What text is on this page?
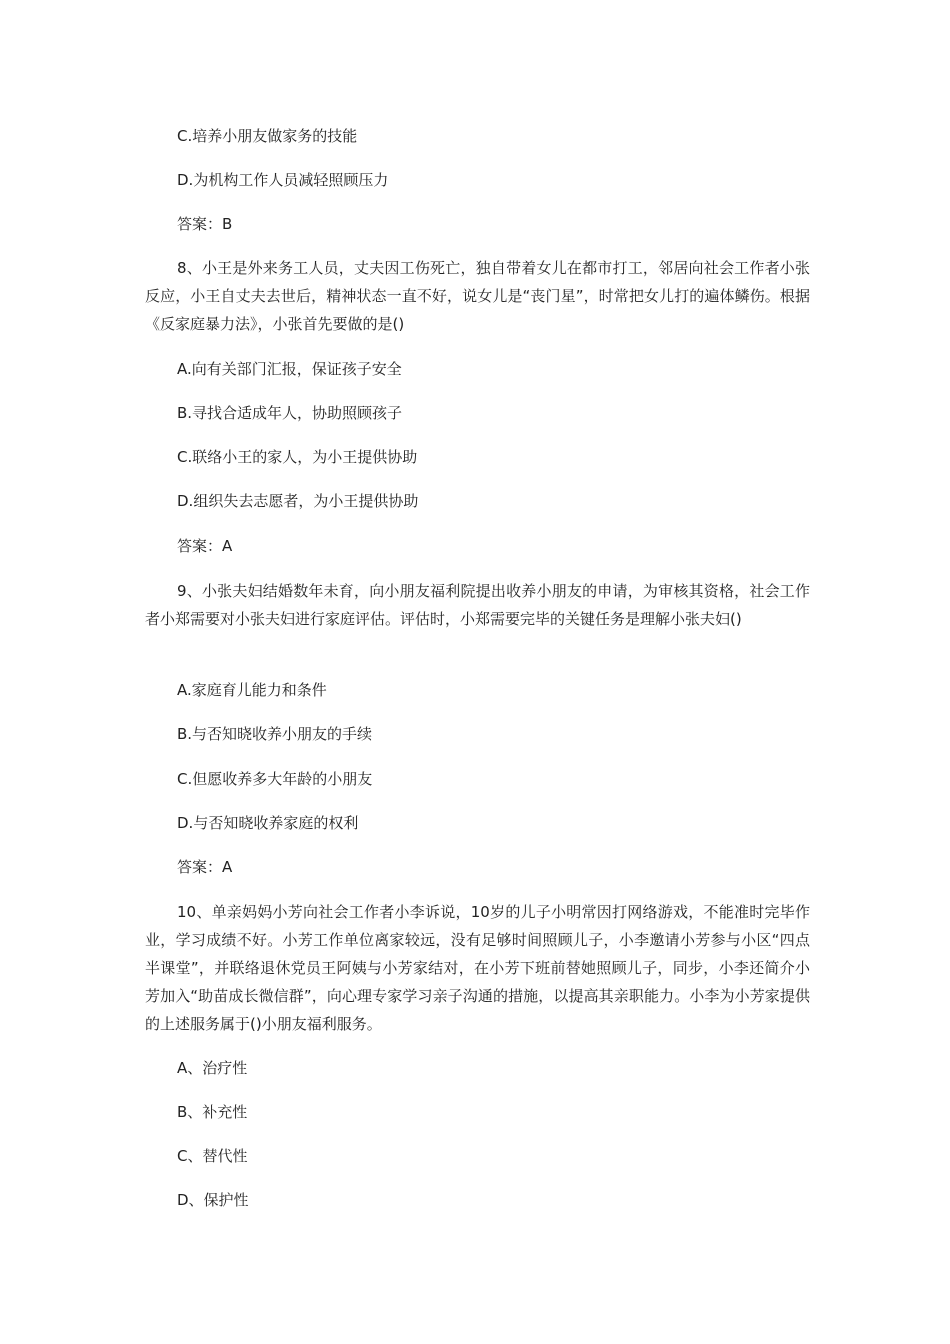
C.培养小朋友做家务的技能
D.为机构工作人员减轻照顾压力
答案：B
8、小王是外来务工人员，丈夫因工伤死亡，独自带着女儿在都市打工，邻居向社会工作者小张反应，小王自丈夫去世后，精神状态一直不好，说女儿是“丧门星”，时常把女儿打的遍体鳞伤。根据《反家庭暴力法》，小张首先要做的是()
A.向有关部门汇报，保证孩子安全
B.寻找合适成年人，协助照顾孩子
C.联络小王的家人，为小王提供协助
D.组织失去志愿者，为小王提供协助
答案：A
9、小张夫妇结婚数年未育，向小朋友福利院提出收养小朋友的申请，为审核其资格，社会工作者小郑需要对小张夫妇进行家庭评估。评估时，小郑需要完毕的关键任务是理解小张夫妇()
A.家庭育儿能力和条件
B.与否知晓收养小朋友的手续
C.但愿收养多大年龄的小朋友
D.与否知晓收养家庭的权利
答案：A
10、单亲妈妈小芳向社会工作者小李诉说，10岁的儿子小明常因打网络游戏，不能准时完毕作业，学习成绩不好。小芳工作单位离家较远，没有足够时间照顾儿子，小李邀请小芳参与小区“四点半课堂”，并联络退休党员王阿姨与小芳家结对，在小芳下班前替她照顾儿子，同步，小李还简介小芳加入“助苗成长微信群”，向心理专家学习亲子沟通的措施，以提高其亲职能力。小李为小芳家提供的上述服务属于()小朋友福利服务。
A、治疗性
B、补充性
C、替代性
D、保护性
